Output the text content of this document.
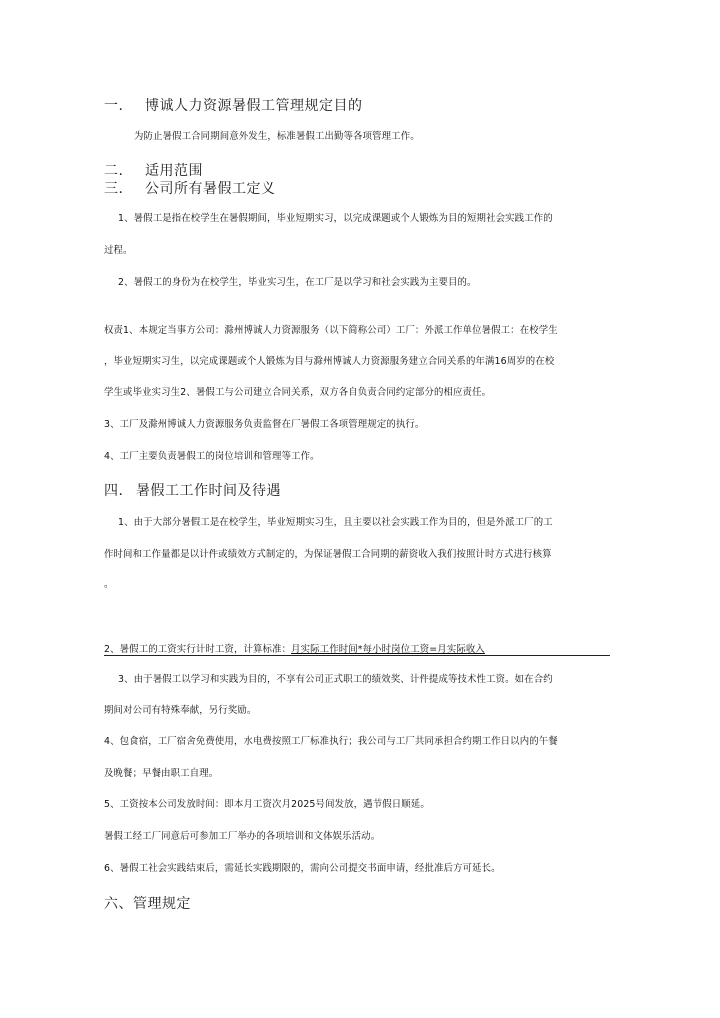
一. 博诚人力资源暑假工管理规定目的
为防止暑假工合同期间意外发生，标准暑假工出勤等各项管理工作。
二. 适用范围
三. 公司所有暑假工定义
1、暑假工是指在校学生在暑假期间，毕业短期实习，以完成课题或个人锻炼为目的短期社会实践工作的
过程。
2、暑假工的身份为在校学生，毕业实习生，在工厂是以学习和社会实践为主要目的。
权责1、本规定当事方公司：滁州博诚人力资源服务（以下简称公司）工厂：外派工作单位暑假工：在校学生
，毕业短期实习生，以完成课题或个人锻炼为目与滁州博诚人力资源服务建立合同关系的年满16周岁的在校
学生或毕业实习生2、暑假工与公司建立合同关系，双方各自负责合同约定部分的相应责任。
3、工厂及滁州博诚人力资源服务负责监督在厂暑假工各项管理规定的执行。
4、工厂主要负责暑假工的岗位培训和管理等工作。
四. 暑假工工作时间及待遇
1、由于大部分暑假工是在校学生，毕业短期实习生，且主要以社会实践工作为目的，但是外派工厂的工
作时间和工作量都是以计件或绩效方式制定的，为保证暑假工合同期的薪资收入我们按照计时方式进行核算
。
2、暑假工的工资实行计时工资，计算标准：月实际工作时间*每小时岗位工资=月实际收入
3、由于暑假工以学习和实践为目的，不享有公司正式职工的绩效奖、计件提成等技术性工资。如在合约
期间对公司有特殊奉献，另行奖励。
4、包食宿，工厂宿舍免费使用，水电费按照工厂标准执行；我公司与工厂共同承担合约期工作日以内的午餐
及晚餐；早餐由职工自理。
5、工资按本公司发放时间：即本月工资次月2025号间发放，遇节假日顺延。
暑假工经工厂同意后可参加工厂举办的各项培训和文体娱乐活动。
6、暑假工社会实践结束后，需延长实践期限的，需向公司提交书面申请，经批准后方可延长。
六、管理规定
